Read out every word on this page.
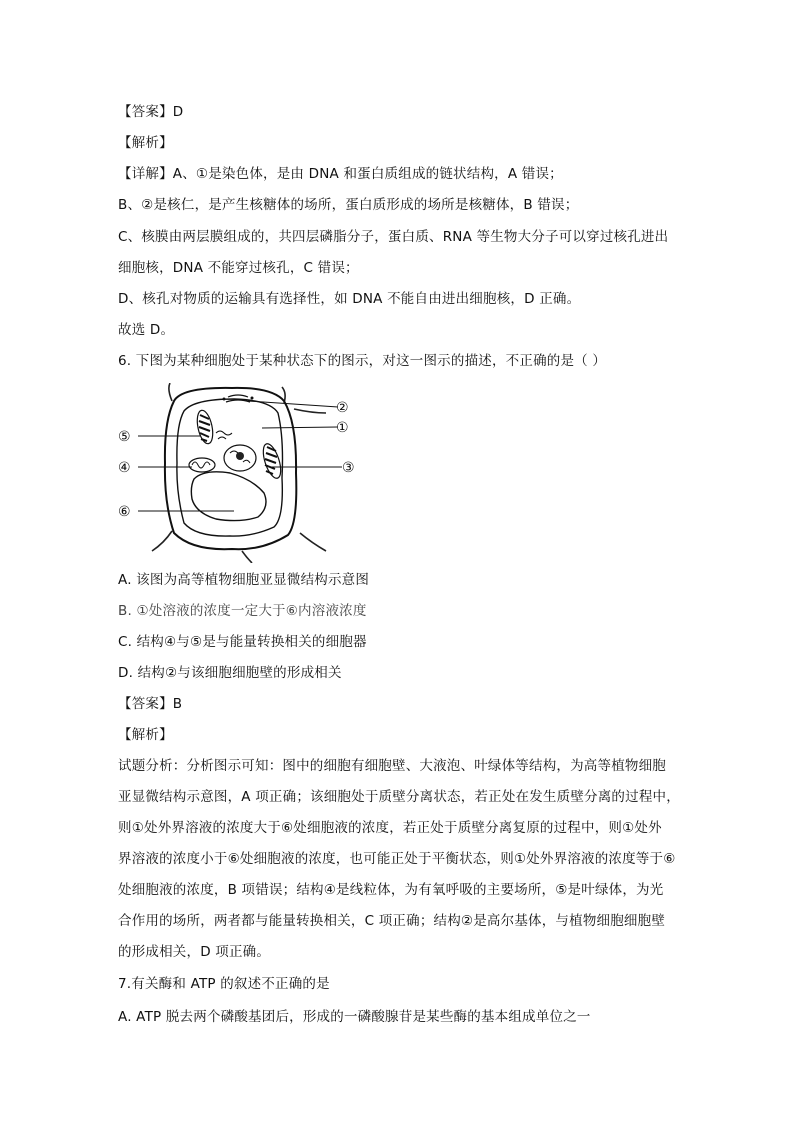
【答案】D
【解析】
【详解】A、①是染色体，是由 DNA 和蛋白质组成的链状结构，A 错误；
B、②是核仁，是产生核糖体的场所，蛋白质形成的场所是核糖体，B 错误；
C、核膜由两层膜组成的，共四层磷脂分子，蛋白质、RNA 等生物大分子可以穿过核孔进出
细胞核，DNA 不能穿过核孔，C 错误；
D、核孔对物质的运输具有选择性，如 DNA 不能自由进出细胞核，D 正确。
故选 D。
6. 下图为某种细胞处于某种状态下的图示，对这一图示的描述，不正确的是（ ）
⑤
④
⑥
②
①
③
A. 该图为高等植物细胞亚显微结构示意图
B. ①处溶液的浓度一定大于⑥内溶液浓度
C. 结构④与⑤是与能量转换相关的细胞器
D. 结构②与该细胞细胞壁的形成相关
【答案】B
【解析】
试题分析：分析图示可知：图中的细胞有细胞壁、大液泡、叶绿体等结构，为高等植物细胞
亚显微结构示意图，A 项正确；该细胞处于质壁分离状态，若正处在发生质壁分离的过程中，
则①处外界溶液的浓度大于⑥处细胞液的浓度，若正处于质壁分离复原的过程中，则①处外
界溶液的浓度小于⑥处细胞液的浓度，也可能正处于平衡状态，则①处外界溶液的浓度等于⑥
处细胞液的浓度，B 项错误；结构④是线粒体，为有氧呼吸的主要场所，⑤是叶绿体，为光
合作用的场所，两者都与能量转换相关，C 项正确；结构②是高尔基体，与植物细胞细胞壁
的形成相关，D 项正确。
7.有关酶和 ATP 的叙述不正确的是
A. ATP 脱去两个磷酸基团后，形成的一磷酸腺苷是某些酶的基本组成单位之一
